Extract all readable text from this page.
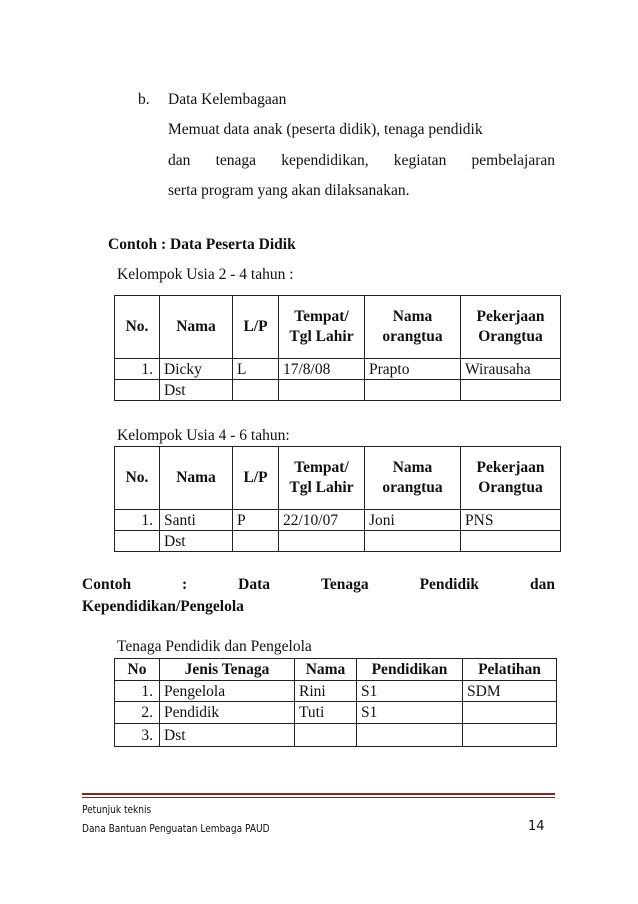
b. Data Kelembagaan
Memuat data anak (peserta didik), tenaga pendidik
dan tenaga kependidikan, kegiatan pembelajaran
serta program yang akan dilaksanakan.
Contoh : Data Peserta Didik
Kelompok Usia 2 - 4 tahun :
No.	Nama	L/P	Tempat/ Tgl Lahir	Nama orangtua	Pekerjaan Orangtua
1.	Dicky	L	17/8/08	Prapto	Wirausaha
	Dst				
Kelompok Usia 4 - 6 tahun:
No.	Nama	L/P	Tempat/ Tgl Lahir	Nama orangtua	Pekerjaan Orangtua
1.	Santi	P	22/10/07	Joni	PNS
	Dst				
Contoh	:	Data	Tenaga	Pendidik	dan
Kependidikan/Pengelola
Tenaga Pendidik dan Pengelola
No	Jenis Tenaga	Nama	Pendidikan	Pelatihan
1.	Pengelola	Rini	S1	SDM
2.	Pendidik	Tuti	S1	
3.	Dst			
Petunjuk teknis
Dana Bantuan Penguatan Lembaga PAUD	14
